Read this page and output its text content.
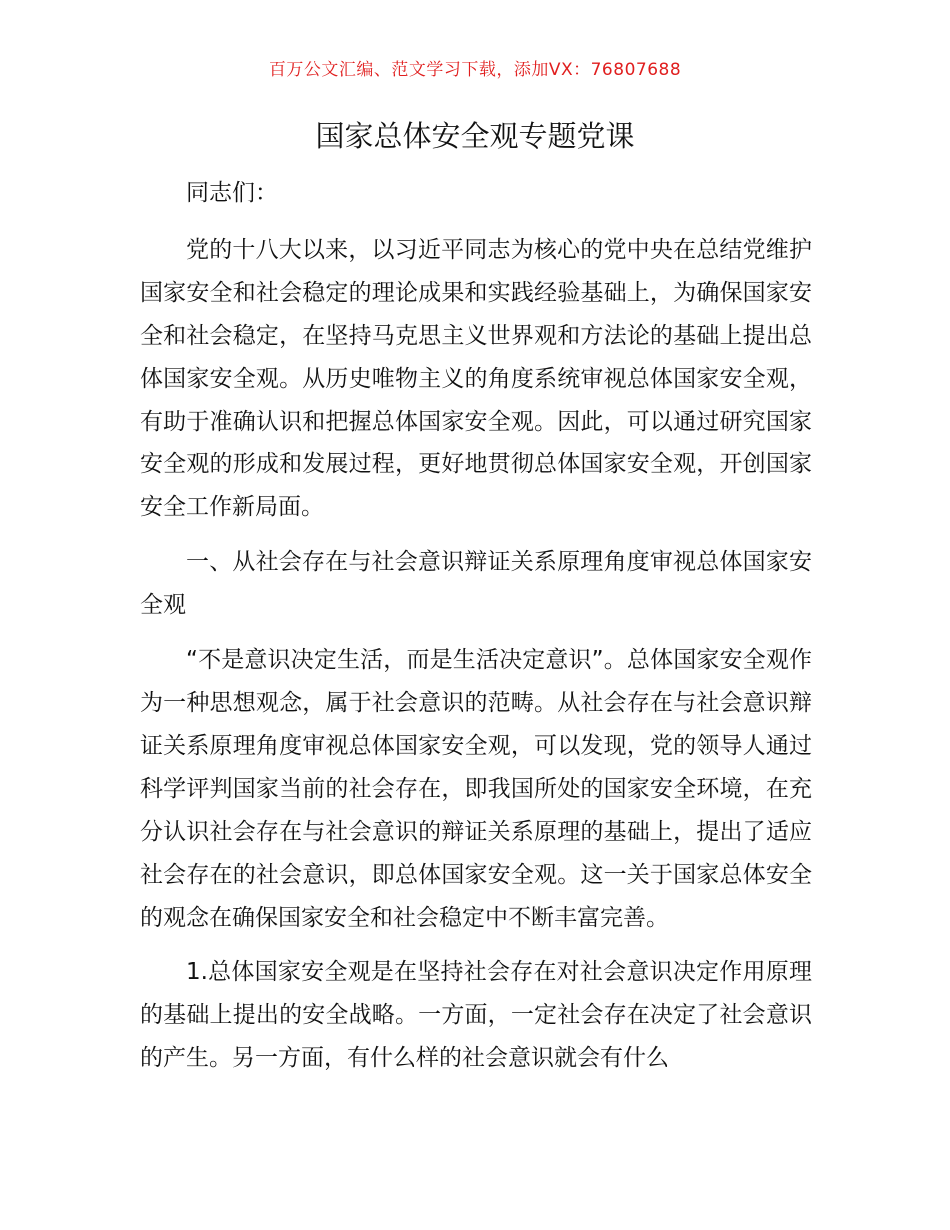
百万公文汇编、范文学习下载，添加VX：76807688
国家总体安全观专题党课

同志们：

党的十八大以来，以习近平同志为核心的党中央在总结党维护国家安全和社会稳定的理论成果和实践经验基础上，为确保国家安全和社会稳定，在坚持马克思主义世界观和方法论的基础上提出总体国家安全观。从历史唯物主义的角度系统审视总体国家安全观，有助于准确认识和把握总体国家安全观。因此，可以通过研究国家安全观的形成和发展过程，更好地贯彻总体国家安全观，开创国家安全工作新局面。

一、从社会存在与社会意识辩证关系原理角度审视总体国家安全观

“不是意识决定生活，而是生活决定意识”。总体国家安全观作为一种思想观念，属于社会意识的范畴。从社会存在与社会意识辩证关系原理角度审视总体国家安全观，可以发现，党的领导人通过科学评判国家当前的社会存在，即我国所处的国家安全环境，在充分认识社会存在与社会意识的辩证关系原理的基础上，提出了适应社会存在的社会意识，即总体国家安全观。这一关于国家总体安全的观念在确保国家安全和社会稳定中不断丰富完善。

1.总体国家安全观是在坚持社会存在对社会意识决定作用原理的基础上提出的安全战略。一方面，一定社会存在决定了社会意识的产生。另一方面，有什么样的社会意识就会有什么
